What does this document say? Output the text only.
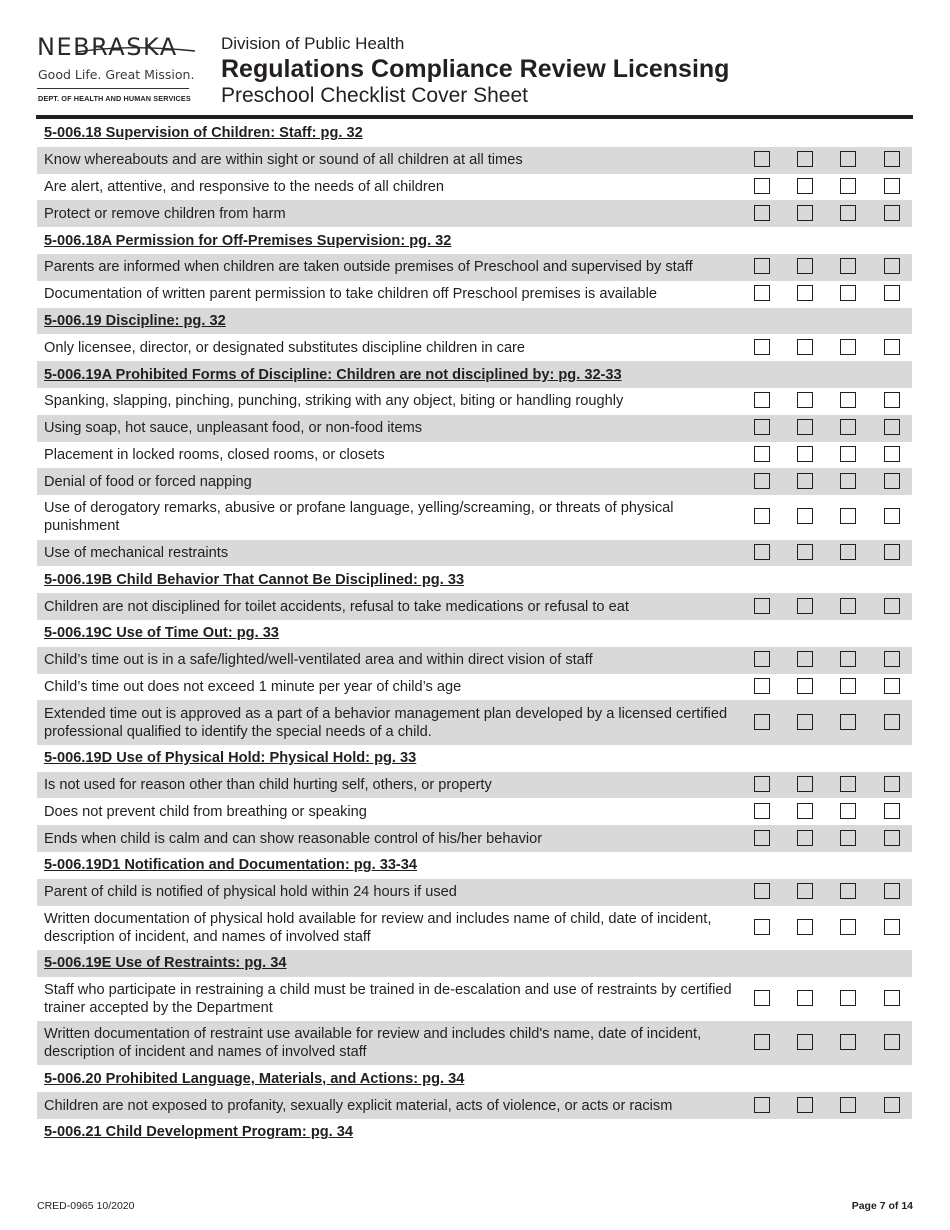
NEBRASKA
Good Life. Great Mission.
DEPT. OF HEALTH AND HUMAN SERVICES
Division of Public Health
Regulations Compliance Review Licensing
Preschool Checklist Cover Sheet
5-006.18 Supervision of Children: Staff: pg. 32
Know whereabouts and are within sight or sound of all children at all times
Are alert, attentive, and responsive to the needs of all children
Protect or remove children from harm
5-006.18A Permission for Off-Premises Supervision: pg. 32
Parents are informed when children are taken outside premises of Preschool and supervised by staff
Documentation of written parent permission to take children off Preschool premises is available
5-006.19 Discipline: pg. 32
Only licensee, director, or designated substitutes discipline children in care
5-006.19A Prohibited Forms of Discipline: Children are not disciplined by: pg. 32-33
Spanking, slapping, pinching, punching, striking with any object, biting or handling roughly
Using soap, hot sauce, unpleasant food, or non-food items
Placement in locked rooms, closed rooms, or closets
Denial of food or forced napping
Use of derogatory remarks, abusive or profane language, yelling/screaming, or threats of physical punishment
Use of mechanical restraints
5-006.19B Child Behavior That Cannot Be Disciplined: pg. 33
Children are not disciplined for toilet accidents, refusal to take medications or refusal to eat
5-006.19C Use of Time Out: pg. 33
Child’s time out is in a safe/lighted/well-ventilated area and within direct vision of staff
Child’s time out does not exceed 1 minute per year of child’s age
Extended time out is approved as a part of a behavior management plan developed by a licensed certified professional qualified to identify the special needs of a child.
5-006.19D Use of Physical Hold: Physical Hold: pg. 33
Is not used for reason other than child hurting self, others, or property
Does not prevent child from breathing or speaking
Ends when child is calm and can show reasonable control of his/her behavior
5-006.19D1 Notification and Documentation: pg. 33-34
Parent of child is notified of physical hold within 24 hours if used
Written documentation of physical hold available for review and includes name of child, date of incident, description of incident, and names of involved staff
5-006.19E Use of Restraints: pg. 34
Staff who participate in restraining a child must be trained in de-escalation and use of restraints by certified trainer accepted by the Department
Written documentation of restraint use available for review and includes child's name, date of incident, description of incident and names of involved staff
5-006.20 Prohibited Language, Materials, and Actions: pg. 34
Children are not exposed to profanity, sexually explicit material, acts of violence, or acts or racism
5-006.21 Child Development Program: pg. 34
CRED-0965 10/2020	Page 7 of 14
